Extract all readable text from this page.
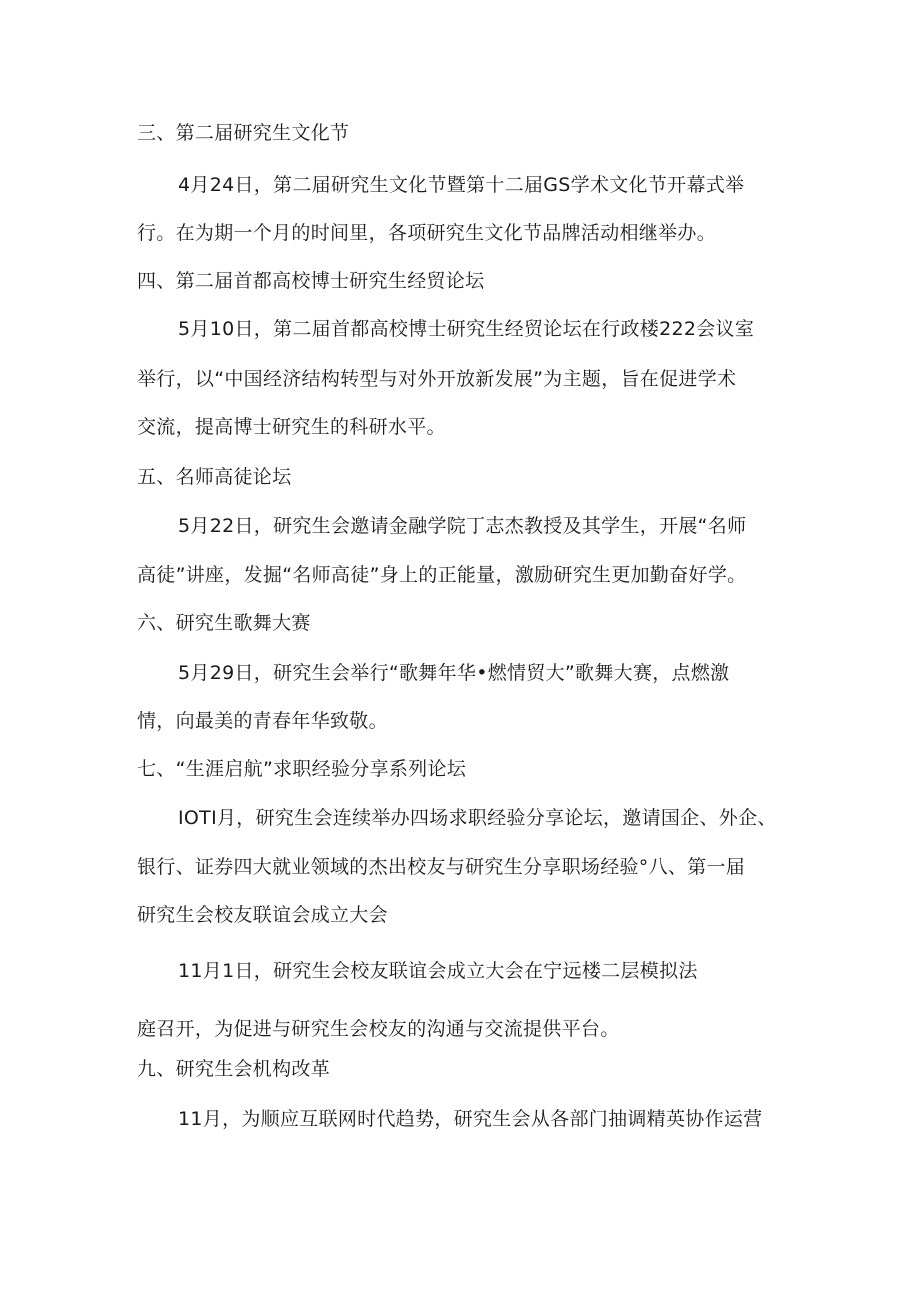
三、第二届研究生文化节
4月24日，第二届研究生文化节暨第十二届GS学术文化节开幕式举
行。在为期一个月的时间里，各项研究生文化节品牌活动相继举办。
四、第二届首都高校博士研究生经贸论坛
5月10日，第二届首都高校博士研究生经贸论坛在行政楼222会议室
举行，以“中国经济结构转型与对外开放新发展”为主题，旨在促进学术
交流，提高博士研究生的科研水平。
五、名师高徒论坛
5月22日，研究生会邀请金融学院丁志杰教授及其学生，开展“名师
高徒”讲座，发掘“名师高徒”身上的正能量，激励研究生更加勤奋好学。
六、研究生歌舞大赛
5月29日，研究生会举行“歌舞年华•燃情贸大”歌舞大赛，点燃激
情，向最美的青春年华致敬。
七、“生涯启航”求职经验分享系列论坛
IOTI月，研究生会连续举办四场求职经验分享论坛，邀请国企、外企、
银行、证券四大就业领域的杰出校友与研究生分享职场经验°八、第一届
研究生会校友联谊会成立大会
11月1日，研究生会校友联谊会成立大会在宁远楼二层模拟法
庭召开，为促进与研究生会校友的沟通与交流提供平台。
九、研究生会机构改革
11月，为顺应互联网时代趋势，研究生会从各部门抽调精英协作运营
